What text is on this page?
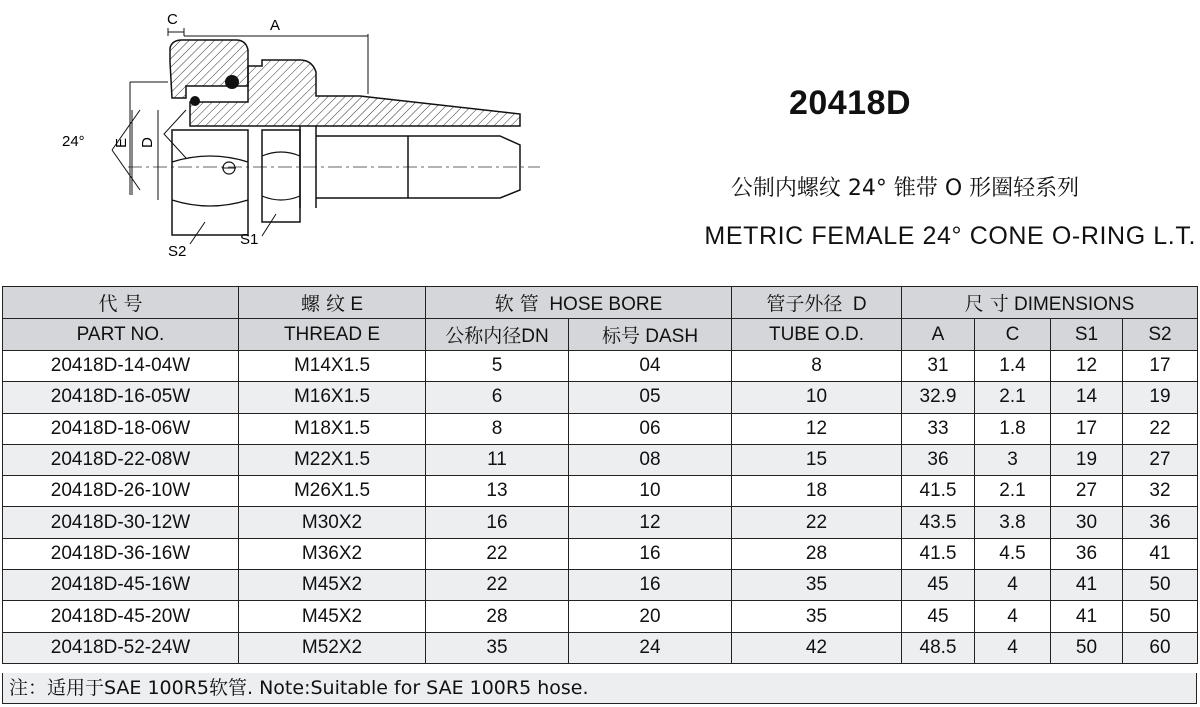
C	A
24° E D
S2
S1
20418D
公制内螺纹 24° 锥带 O 形圈轻系列
METRIC FEMALE 24° CONE O-RING L.T.
代 号	螺 纹 E	软 管 HOSE BORE		管子外径 D	尺 寸 DIMENSIONS			
PART NO.	THREAD E	公称内径DN	标号 DASH	TUBE O.D.	A	C	S1	S2
20418D-14-04W	M14X1.5	5	04	8	31	1.4	12	17
20418D-16-05W	M16X1.5	6	05	10	32.9	2.1	14	19
20418D-18-06W	M18X1.5	8	06	12	33	1.8	17	22
20418D-22-08W	M22X1.5	11	08	15	36	3	19	27
20418D-26-10W	M26X1.5	13	10	18	41.5	2.1	27	32
20418D-30-12W	M30X2	16	12	22	43.5	3.8	30	36
20418D-36-16W	M36X2	22	16	28	41.5	4.5	36	41
20418D-45-16W	M45X2	22	16	35	45	4	41	50
20418D-45-20W	M45X2	28	20	35	45	4	41	50
20418D-52-24W	M52X2	35	24	42	48.5	4	50	60
注：适用于SAE 100R5软管. Note:Suitable for SAE 100R5 hose.
